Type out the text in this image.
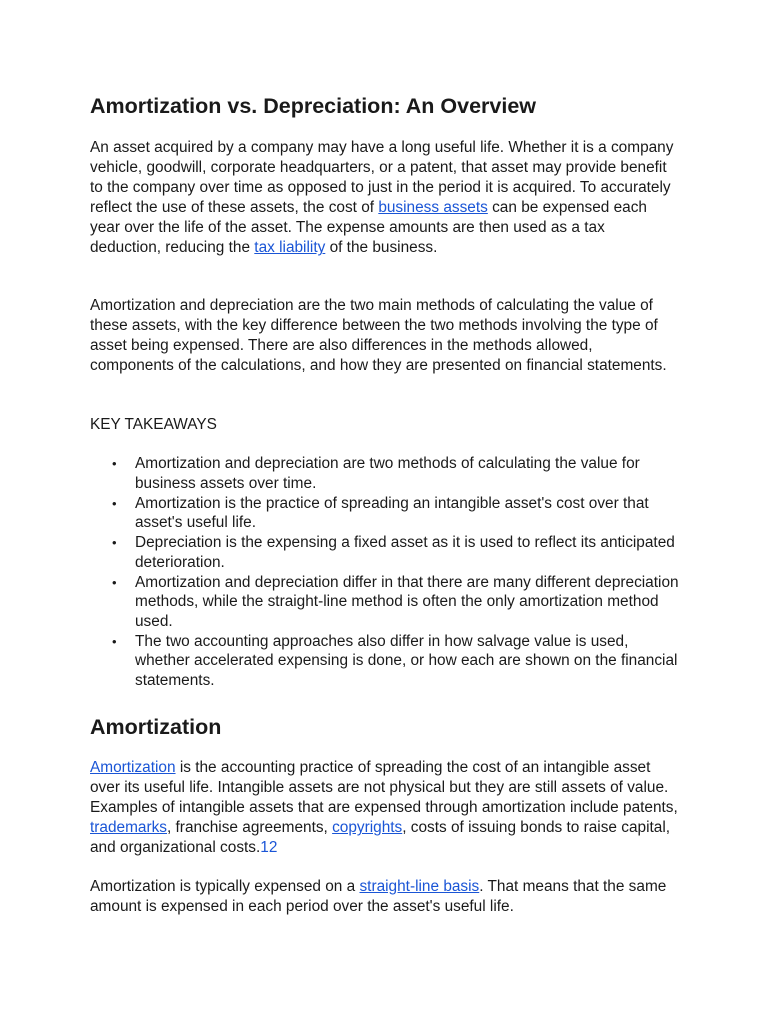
Amortization vs. Depreciation: An Overview

An asset acquired by a company may have a long useful life. Whether it is a company vehicle, goodwill, corporate headquarters, or a patent, that asset may provide benefit to the company over time as opposed to just in the period it is acquired. To accurately reflect the use of these assets, the cost of business assets can be expensed each year over the life of the asset. The expense amounts are then used as a tax deduction, reducing the tax liability of the business.

Amortization and depreciation are the two main methods of calculating the value of these assets, with the key difference between the two methods involving the type of asset being expensed. There are also differences in the methods allowed, components of the calculations, and how they are presented on financial statements.

KEY TAKEAWAYS
• Amortization and depreciation are two methods of calculating the value for business assets over time.
• Amortization is the practice of spreading an intangible asset's cost over that asset's useful life.
• Depreciation is the expensing a fixed asset as it is used to reflect its anticipated deterioration.
• Amortization and depreciation differ in that there are many different depreciation methods, while the straight-line method is often the only amortization method used.
• The two accounting approaches also differ in how salvage value is used, whether accelerated expensing is done, or how each are shown on the financial statements.
Amortization

Amortization is the accounting practice of spreading the cost of an intangible asset over its useful life. Intangible assets are not physical but they are still assets of value. Examples of intangible assets that are expensed through amortization include patents, trademarks, franchise agreements, copyrights, costs of issuing bonds to raise capital, and organizational costs.12

Amortization is typically expensed on a straight-line basis. That means that the same amount is expensed in each period over the asset's useful life.
